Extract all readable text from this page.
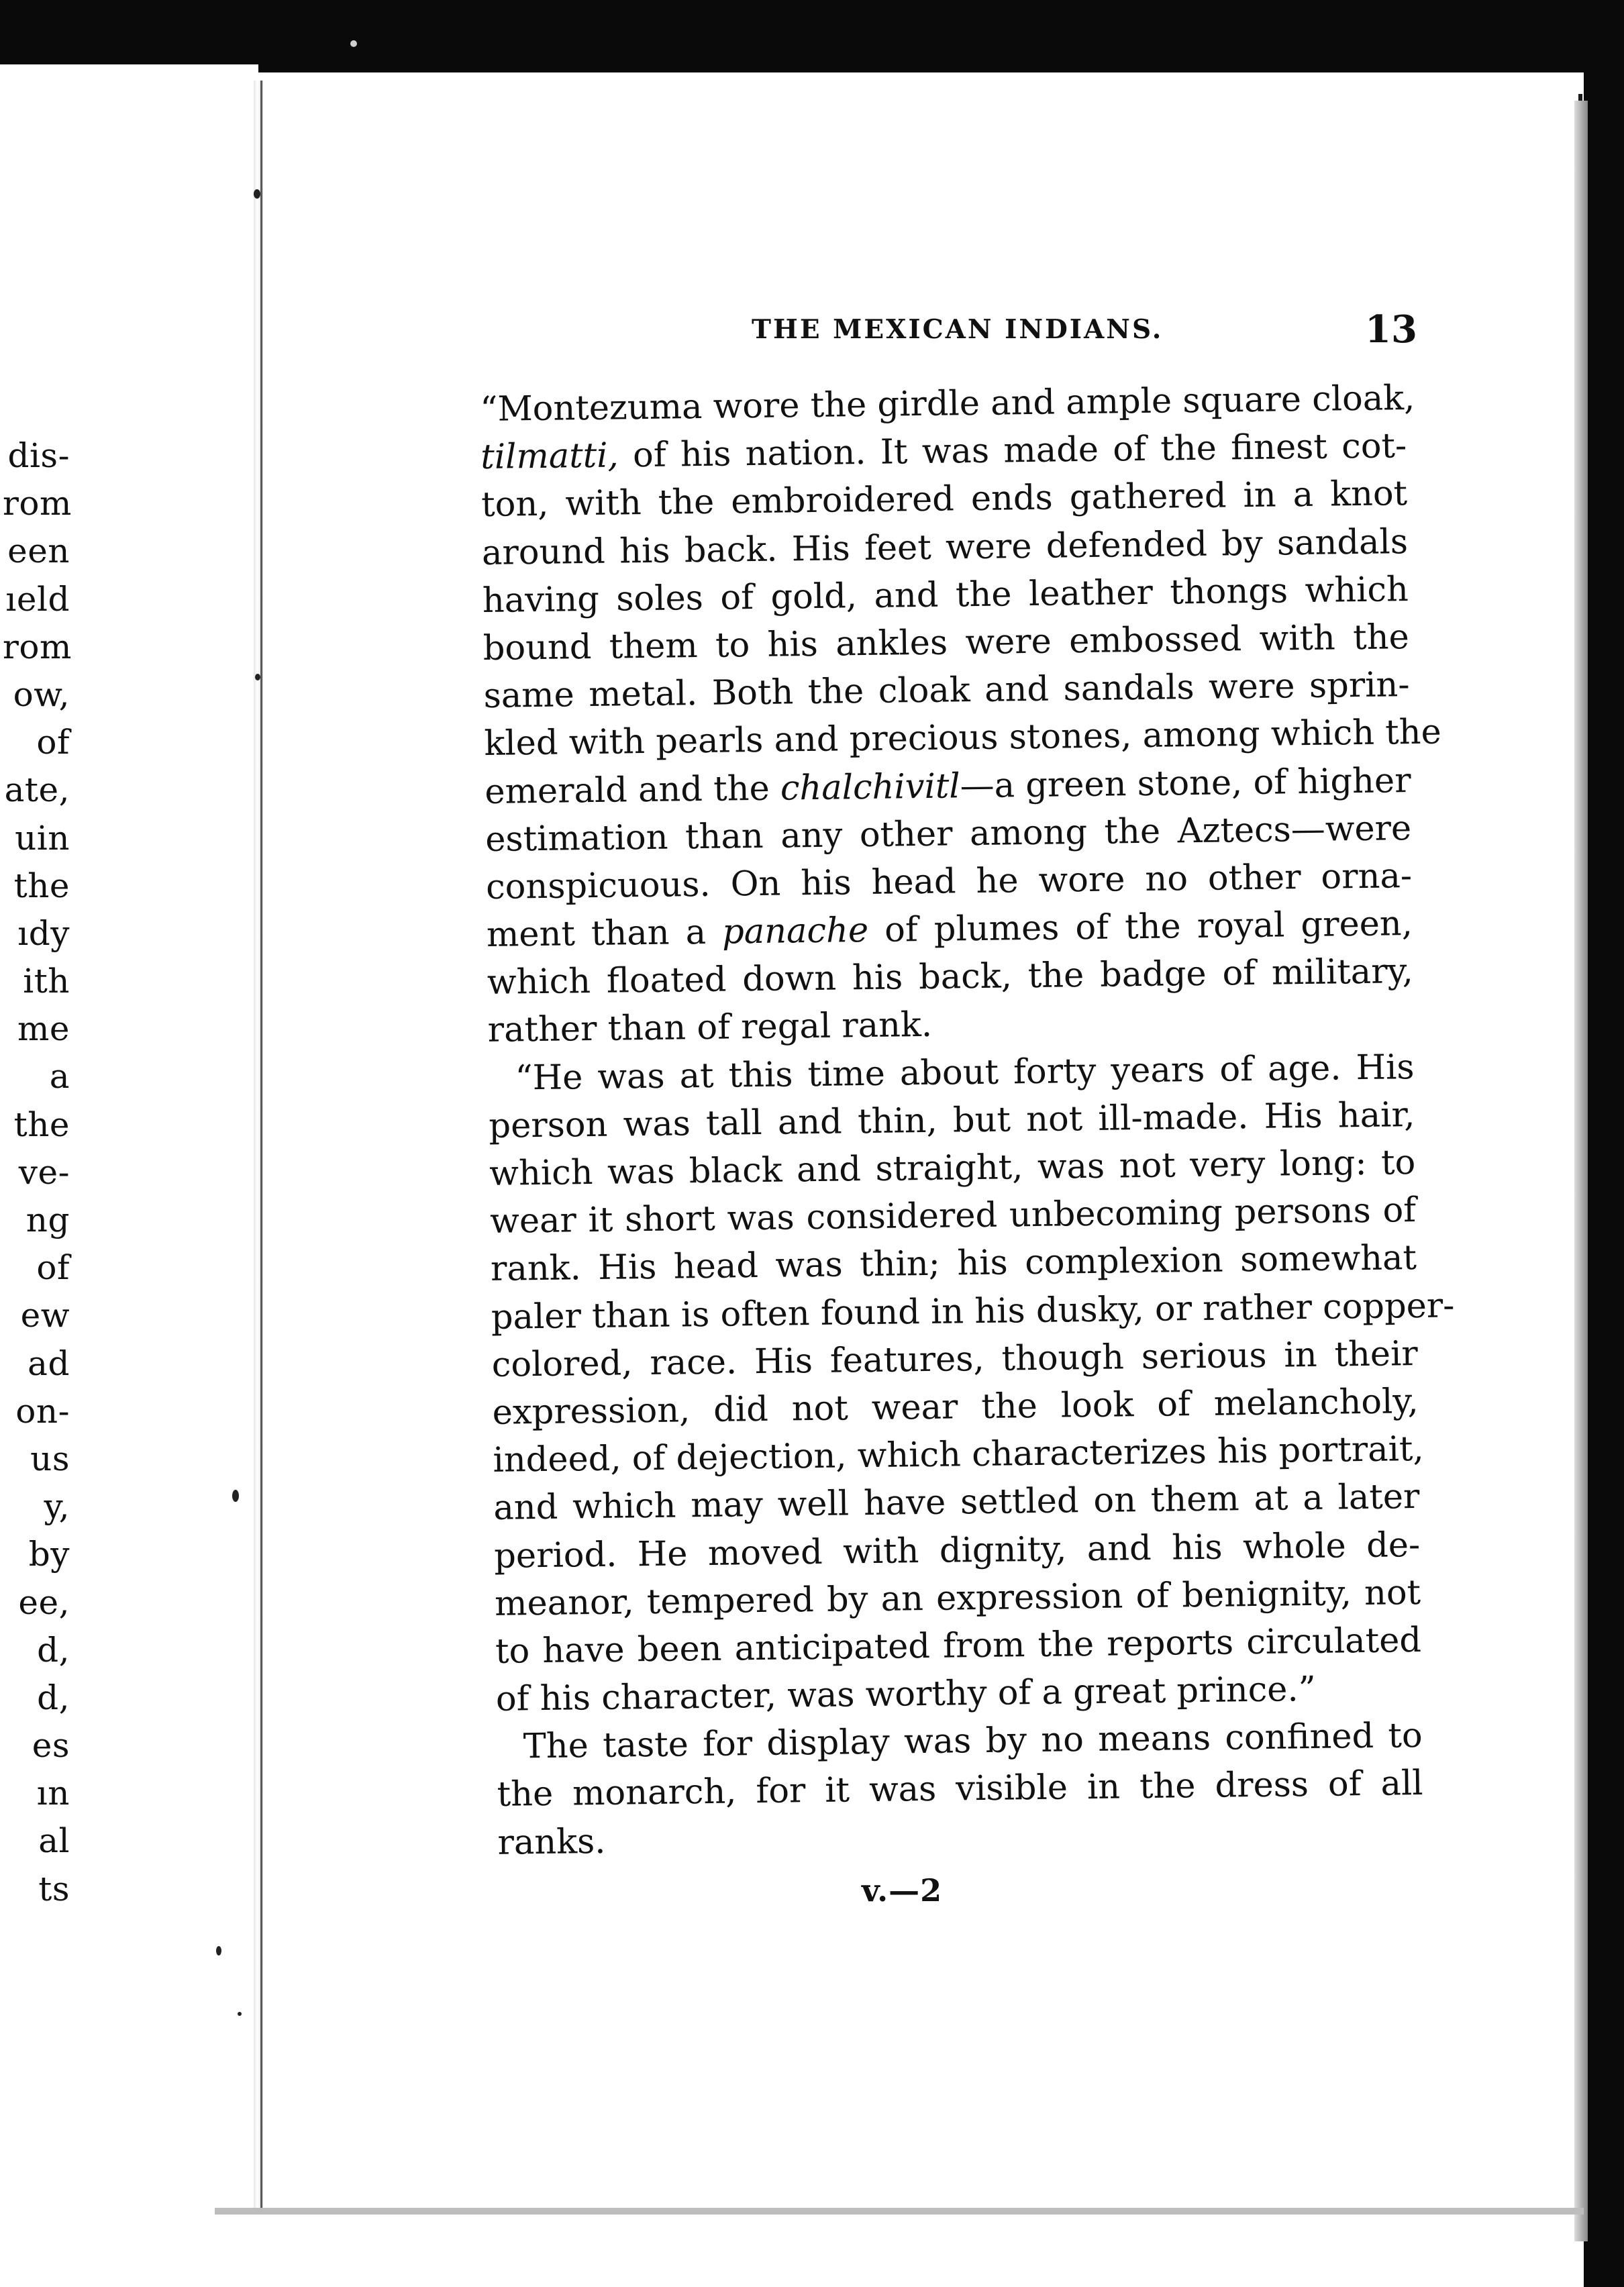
dis-
rom
een
ıeld
rom
ow,
of
ate,
uin
the
ıdy
ith
me
a
the
ve-
ng
of
ew
ad
on-
us
y,
by
ee,
d,
d,
es
ın
al
ts
THE MEXICAN INDIANS.	13
“Montezuma wore the girdle and ample square cloak,
tilmatti, of his nation. It was made of the finest cot-
ton, with the embroidered ends gathered in a knot
around his back. His feet were defended by sandals
having soles of gold, and the leather thongs which
bound them to his ankles were embossed with the
same metal. Both the cloak and sandals were sprin-
kled with pearls and precious stones, among which the
emerald and the chalchivitl—a green stone, of higher
estimation than any other among the Aztecs—were
conspicuous. On his head he wore no other orna-
ment than a panache of plumes of the royal green,
which floated down his back, the badge of military,
rather than of regal rank.
“He was at this time about forty years of age. His
person was tall and thin, but not ill-made. His hair,
which was black and straight, was not very long: to
wear it short was considered unbecoming persons of
rank. His head was thin; his complexion somewhat
paler than is often found in his dusky, or rather copper-
colored, race. His features, though serious in their
expression, did not wear the look of melancholy,
indeed, of dejection, which characterizes his portrait,
and which may well have settled on them at a later
period. He moved with dignity, and his whole de-
meanor, tempered by an expression of benignity, not
to have been anticipated from the reports circulated
of his character, was worthy of a great prince.”
The taste for display was by no means confined to
the monarch, for it was visible in the dress of all
ranks.
v.—2
